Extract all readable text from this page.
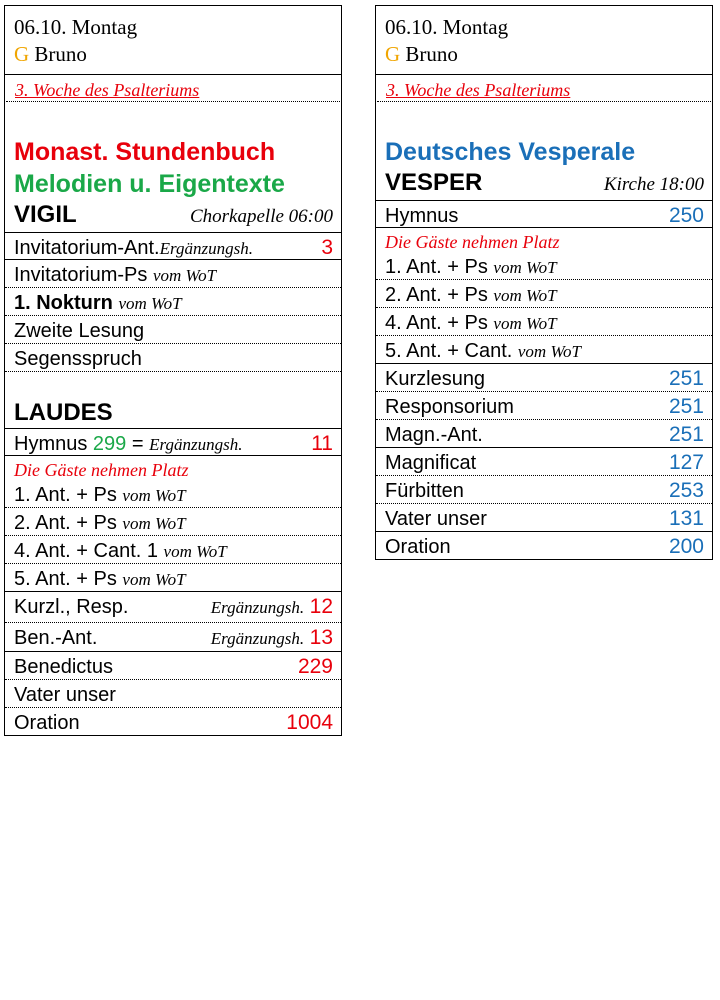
06.10. Montag
G Bruno
3. Woche des Psalteriums
Monast. Stundenbuch
Melodien u. Eigentexte
VIGIL	Chorkapelle 06:00
Invitatorium-Ant.Ergänzungsh.	3
Invitatorium-Ps vom WoT
1. Nokturn vom WoT
Zweite Lesung
Segensspruch
LAUDES
Hymnus 299 = Ergänzungsh.	11
Die Gäste nehmen Platz
1. Ant. + Ps vom WoT
2. Ant. + Ps vom WoT
4. Ant. + Cant. 1 vom WoT
5. Ant. + Ps vom WoT
Kurzl., Resp.	Ergänzungsh. 12
Ben.-Ant.	Ergänzungsh. 13
Benedictus	229
Vater unser
Oration	1004
06.10. Montag
G Bruno
3. Woche des Psalteriums
Deutsches Vesperale
VESPER	Kirche 18:00
Hymnus	250
Die Gäste nehmen Platz
1. Ant. + Ps vom WoT
2. Ant. + Ps vom WoT
4. Ant. + Ps vom WoT
5. Ant. + Cant. vom WoT
Kurzlesung	251
Responsorium	251
Magn.-Ant.	251
Magnificat	127
Fürbitten	253
Vater unser	131
Oration	200
